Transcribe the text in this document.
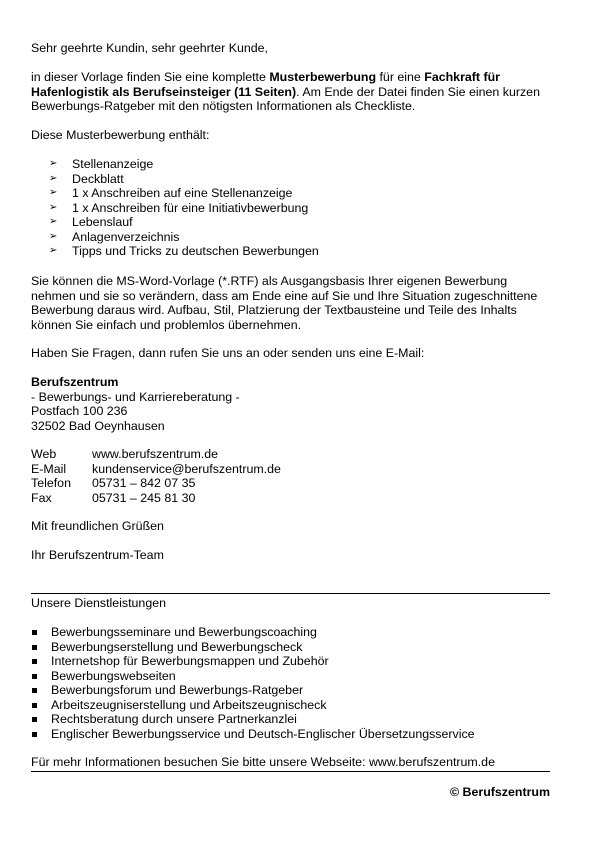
Sehr geehrte Kundin, sehr geehrter Kunde,
in dieser Vorlage finden Sie eine komplette Musterbewerbung für eine Fachkraft für
Hafenlogistik als Berufseinsteiger (11 Seiten). Am Ende der Datei finden Sie einen kurzen
Bewerbungs-Ratgeber mit den nötigsten Informationen als Checkliste.
Diese Musterbewerbung enthält:
➢ Stellenanzeige
➢ Deckblatt
➢ 1 x Anschreiben auf eine Stellenanzeige
➢ 1 x Anschreiben für eine Initiativbewerbung
➢ Lebenslauf
➢ Anlagenverzeichnis
➢ Tipps und Tricks zu deutschen Bewerbungen
Sie können die MS-Word-Vorlage (*.RTF) als Ausgangsbasis Ihrer eigenen Bewerbung
nehmen und sie so verändern, dass am Ende eine auf Sie und Ihre Situation zugeschnittene
Bewerbung daraus wird. Aufbau, Stil, Platzierung der Textbausteine und Teile des Inhalts
können Sie einfach und problemlos übernehmen.
Haben Sie Fragen, dann rufen Sie uns an oder senden uns eine E-Mail:
Berufszentrum
- Bewerbungs- und Karriereberatung -
Postfach 100 236
32502 Bad Oeynhausen
Web	www.berufszentrum.de
E-Mail kundenservice@berufszentrum.de
Telefon 05731 – 842 07 35
Fax	05731 – 245 81 30
Mit freundlichen Grüßen
Ihr Berufszentrum-Team
Unsere Dienstleistungen
Bewerbungsseminare und Bewerbungscoaching
Bewerbungserstellung und Bewerbungscheck
Internetshop für Bewerbungsmappen und Zubehör
Bewerbungswebseiten
Bewerbungsforum und Bewerbungs-Ratgeber
Arbeitszeugniserstellung und Arbeitszeugnischeck
Rechtsberatung durch unsere Partnerkanzlei
Englischer Bewerbungsservice und Deutsch-Englischer Übersetzungsservice
Für mehr Informationen besuchen Sie bitte unsere Webseite: www.berufszentrum.de
© Berufszentrum
